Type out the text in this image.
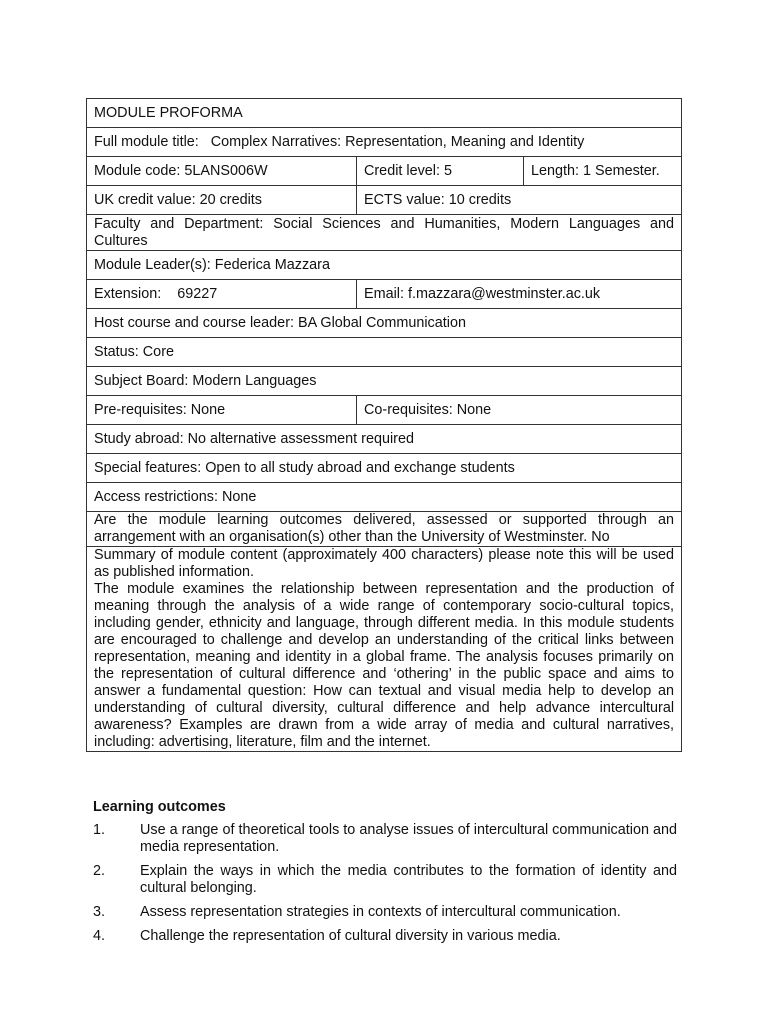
MODULE PROFORMA		
Full module title: Complex Narratives: Representation, Meaning and Identity		
Module code: 5LANS006W	Credit level: 5	Length: 1 Semester.
UK credit value: 20 credits	ECTS value: 10 credits	
Faculty and Department: Social Sciences and Humanities, Modern Languages and Cultures		
Module Leader(s): Federica Mazzara		
Extension: 69227	Email: f.mazzara@westminster.ac.uk	
Host course and course leader: BA Global Communication		
Status: Core		
Subject Board: Modern Languages		
Pre-requisites: None	Co-requisites: None	
Study abroad: No alternative assessment required		
Special features: Open to all study abroad and exchange students		
Access restrictions: None		
Are the module learning outcomes delivered, assessed or supported through an arrangement with an organisation(s) other than the University of Westminster. No		

Summary of module content (approximately 400 characters) please note this will be used as published information.
The module examines the relationship between representation and the production of meaning through the analysis of a wide range of contemporary socio-cultural topics, including gender, ethnicity and language, through different media. In this module students are encouraged to challenge and develop an understanding of the critical links between representation, meaning and identity in a global frame. The analysis focuses primarily on the representation of cultural difference and ‘othering’ in the public space and aims to answer a fundamental question: How can textual and visual media help to develop an understanding of cultural diversity, cultural difference and help advance intercultural awareness? Examples are drawn from a wide array of media and cultural narratives, including: advertising, literature, film and the internet.		
Learning outcomes
1.	Use a range of theoretical tools to analyse issues of intercultural communication and media representation.
2.	Explain the ways in which the media contributes to the formation of identity and cultural belonging.
3.	Assess representation strategies in contexts of intercultural communication.
4.	Challenge the representation of cultural diversity in various media.
